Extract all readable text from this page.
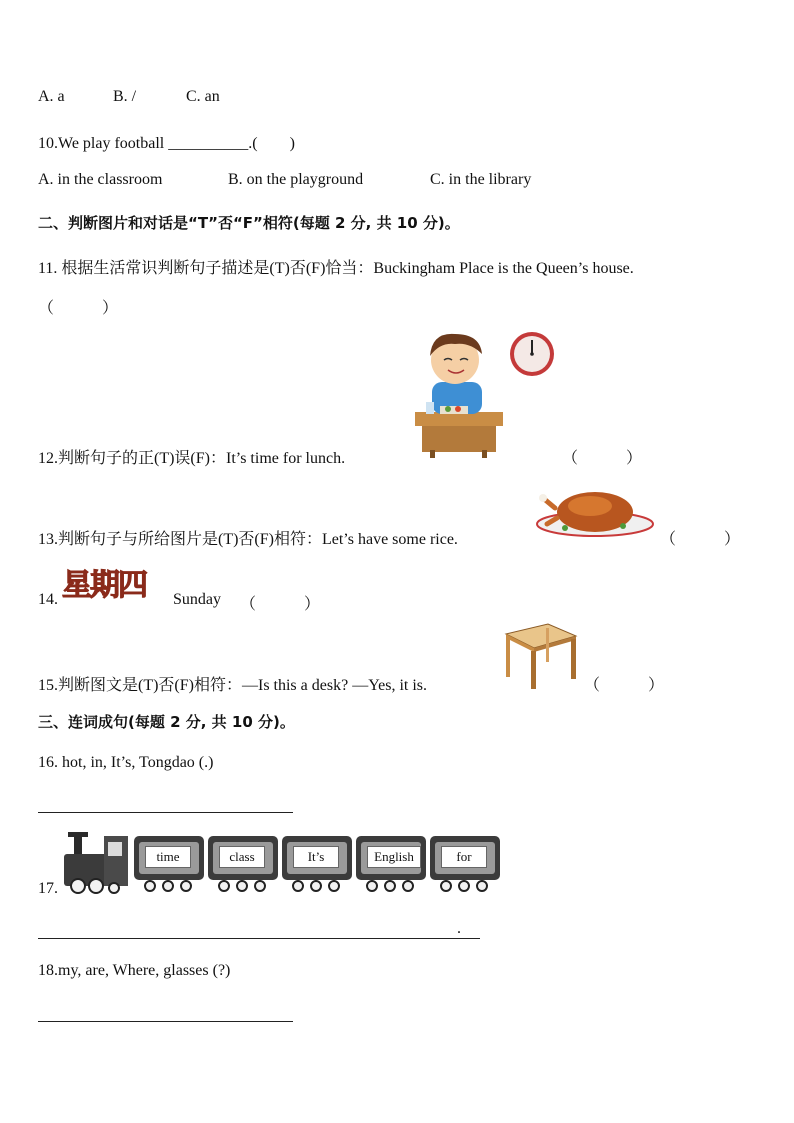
A. a	B. /	C. an
10.We play football __________.(　　)
A. in the classroom	B. on the playground	C. in the library
二、判断图片和对话是“T”否“F”相符(每题 2 分, 共 10 分)。
11. 根据生活常识判断句子描述是(T)否(F)恰当：Buckingham Place is the Queen’s house.
（　　　）
12.判断句子的正(T)误(F)：It’s time for lunch.	（　　　）
13.判断句子与所给图片是(T)否(F)相符：Let’s have some rice.	（　　　）
14. 星期四 Sunday （　　　）
15.判断图文是(T)否(F)相符：—Is this a desk? —Yes, it is.	（　　　）
三、连词成句(每题 2 分, 共 10 分)。
16. hot, in, It’s, Tongdao (.)
time	class	It’s	English	for
17.
.
18.my, are, Where, glasses (?)
